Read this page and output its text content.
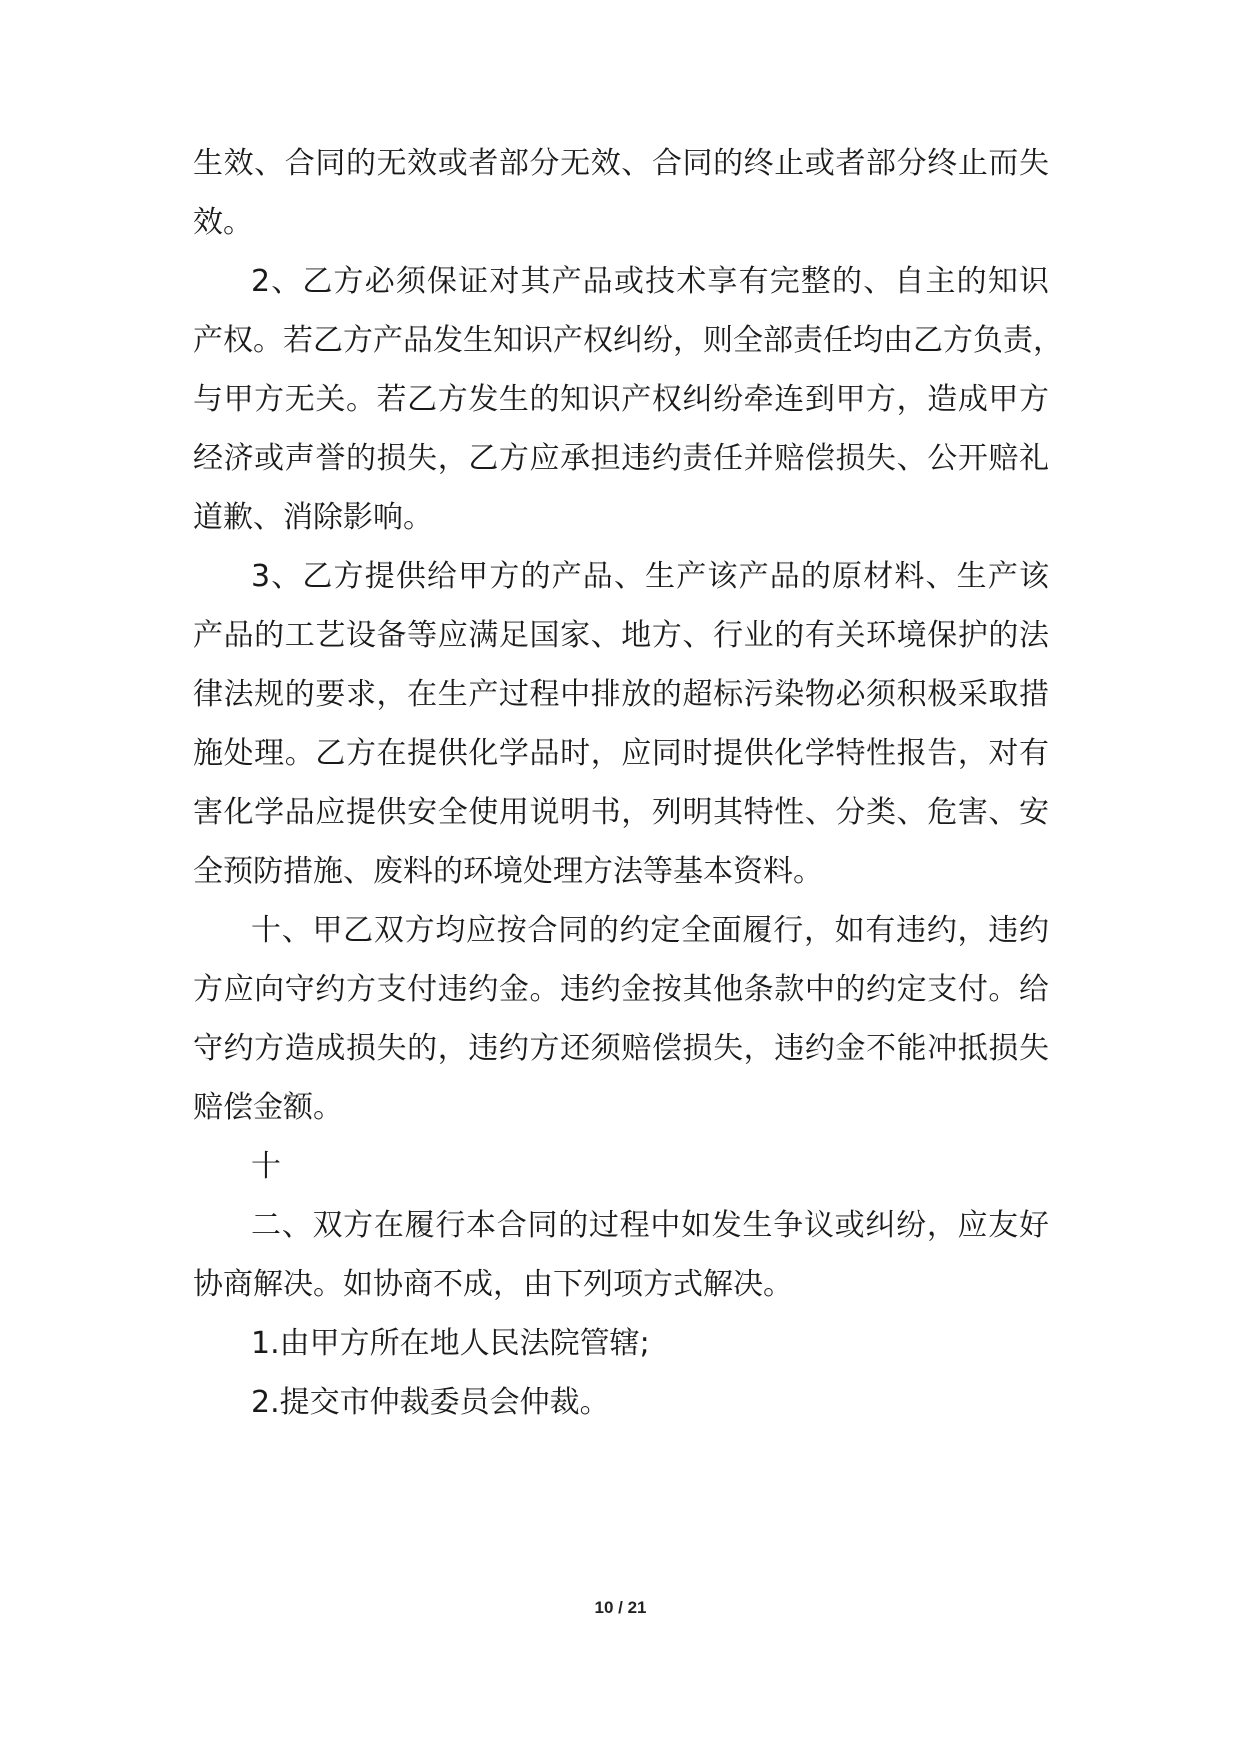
生效、合同的无效或者部分无效、合同的终止或者部分终止而失
效。
2、乙方必须保证对其产品或技术享有完整的、自主的知识
产权。若乙方产品发生知识产权纠纷，则全部责任均由乙方负责，
与甲方无关。若乙方发生的知识产权纠纷牵连到甲方，造成甲方
经济或声誉的损失，乙方应承担违约责任并赔偿损失、公开赔礼
道歉、消除影响。
3、乙方提供给甲方的产品、生产该产品的原材料、生产该
产品的工艺设备等应满足国家、地方、行业的有关环境保护的法
律法规的要求，在生产过程中排放的超标污染物必须积极采取措
施处理。乙方在提供化学品时，应同时提供化学特性报告，对有
害化学品应提供安全使用说明书，列明其特性、分类、危害、安
全预防措施、废料的环境处理方法等基本资料。
十、甲乙双方均应按合同的约定全面履行，如有违约，违约
方应向守约方支付违约金。违约金按其他条款中的约定支付。给
守约方造成损失的，违约方还须赔偿损失，违约金不能冲抵损失
赔偿金额。
十
二、双方在履行本合同的过程中如发生争议或纠纷，应友好
协商解决。如协商不成，由下列项方式解决。
1.由甲方所在地人民法院管辖;
2.提交市仲裁委员会仲裁。
10 / 21
